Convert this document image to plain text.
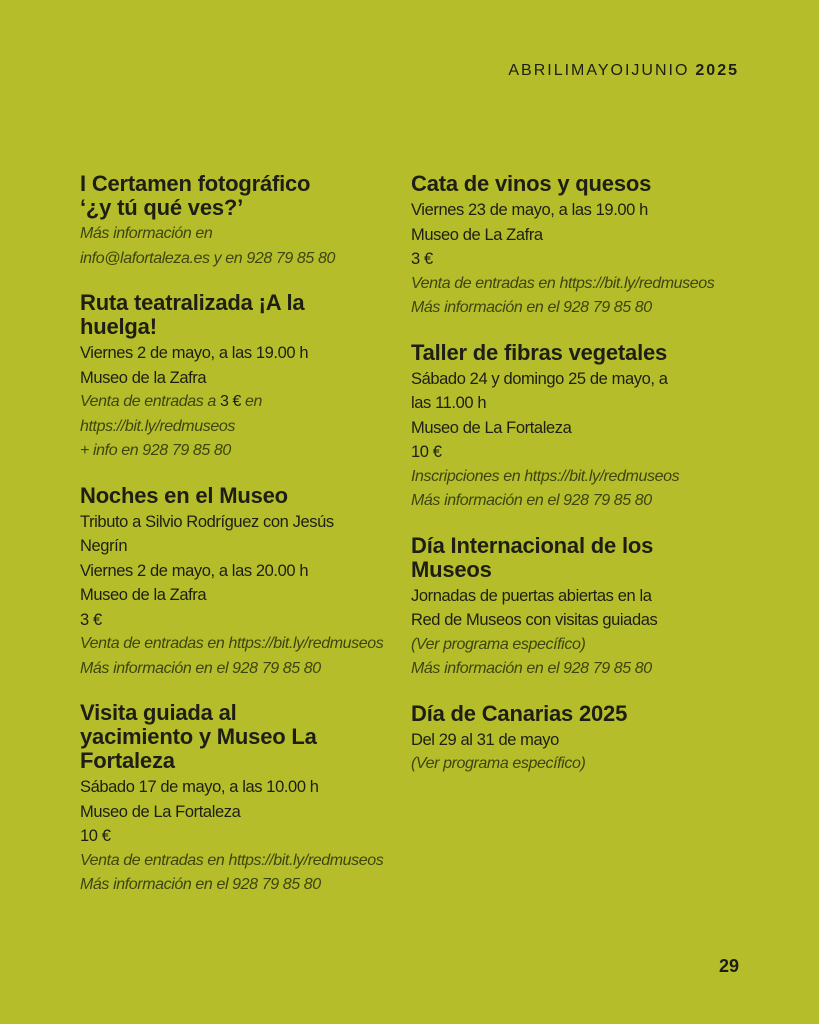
ABRILIMAYOIJUNIO 2025
I Certamen fotográfico
‘¿y tú qué ves?’
Más información en
info@lafortaleza.es y en 928 79 85 80
Ruta teatralizada ¡A la
huelga!
Viernes 2 de mayo, a las 19.00 h
Museo de la Zafra
Venta de entradas a 3 € en
https://bit.ly/redmuseos
+ info en 928 79 85 80
Noches en el Museo
Tributo a Silvio Rodríguez con Jesús
Negrín
Viernes 2 de mayo, a las 20.00 h
Museo de la Zafra
3 €
Venta de entradas en https://bit.ly/redmuseos
Más información en el 928 79 85 80
Visita guiada al
yacimiento y Museo La
Fortaleza
Sábado 17 de mayo, a las 10.00 h
Museo de La Fortaleza
10 €
Venta de entradas en https://bit.ly/redmuseos
Más información en el 928 79 85 80
Cata de vinos y quesos
Viernes 23 de mayo, a las 19.00 h
Museo de La Zafra
3 €
Venta de entradas en https://bit.ly/redmuseos
Más información en el 928 79 85 80
Taller de fibras vegetales
Sábado 24 y domingo 25 de mayo, a
las 11.00 h
Museo de La Fortaleza
10 €
Inscripciones en https://bit.ly/redmuseos
Más información en el 928 79 85 80
Día Internacional de los
Museos
Jornadas de puertas abiertas en la
Red de Museos con visitas guiadas
(Ver programa específico)
Más información en el 928 79 85 80
Día de Canarias 2025
Del 29 al 31 de mayo
(Ver programa específico)
29
